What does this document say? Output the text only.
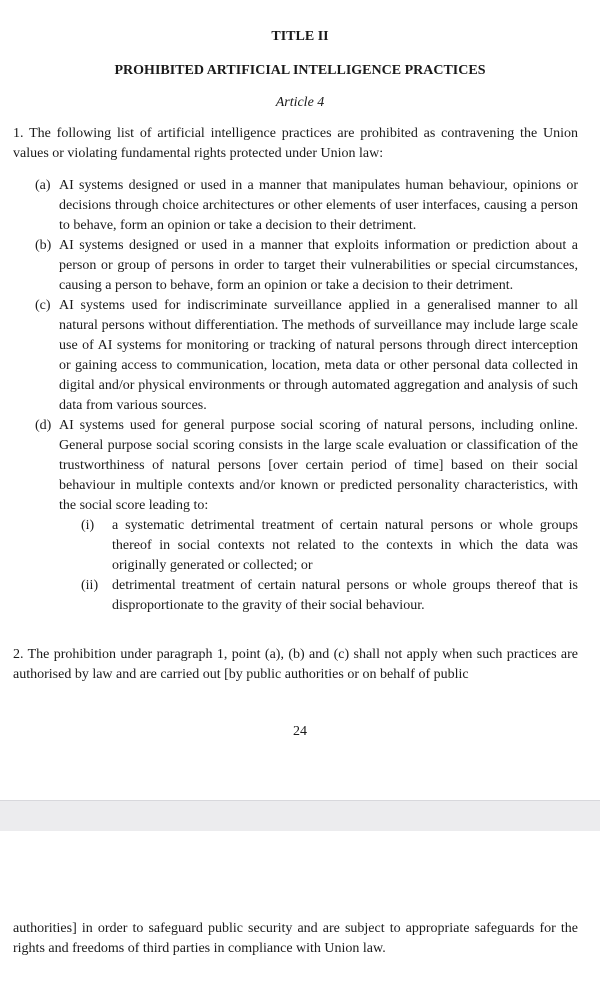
TITLE II
PROHIBITED ARTIFICIAL INTELLIGENCE PRACTICES
Article 4
1. The following list of artificial intelligence practices are prohibited as contravening the Union values or violating fundamental rights protected under Union law:
(a) AI systems designed or used in a manner that manipulates human behaviour, opinions or decisions through choice architectures or other elements of user interfaces, causing a person to behave, form an opinion or take a decision to their detriment.
(b) AI systems designed or used in a manner that exploits information or prediction about a person or group of persons in order to target their vulnerabilities or special circumstances, causing a person to behave, form an opinion or take a decision to their detriment.
(c) AI systems used for indiscriminate surveillance applied in a generalised manner to all natural persons without differentiation. The methods of surveillance may include large scale use of AI systems for monitoring or tracking of natural persons through direct interception or gaining access to communication, location, meta data or other personal data collected in digital and/or physical environments or through automated aggregation and analysis of such data from various sources.
(d) AI systems used for general purpose social scoring of natural persons, including online. General purpose social scoring consists in the large scale evaluation or classification of the trustworthiness of natural persons [over certain period of time] based on their social behaviour in multiple contexts and/or known or predicted personality characteristics, with the social score leading to:
(i) a systematic detrimental treatment of certain natural persons or whole groups thereof in social contexts not related to the contexts in which the data was originally generated or collected; or
(ii) detrimental treatment of certain natural persons or whole groups thereof that is disproportionate to the gravity of their social behaviour.
2. The prohibition under paragraph 1, point (a), (b) and (c) shall not apply when such practices are authorised by law and are carried out [by public authorities or on behalf of public
24
authorities] in order to safeguard public security and are subject to appropriate safeguards for the rights and freedoms of third parties in compliance with Union law.
